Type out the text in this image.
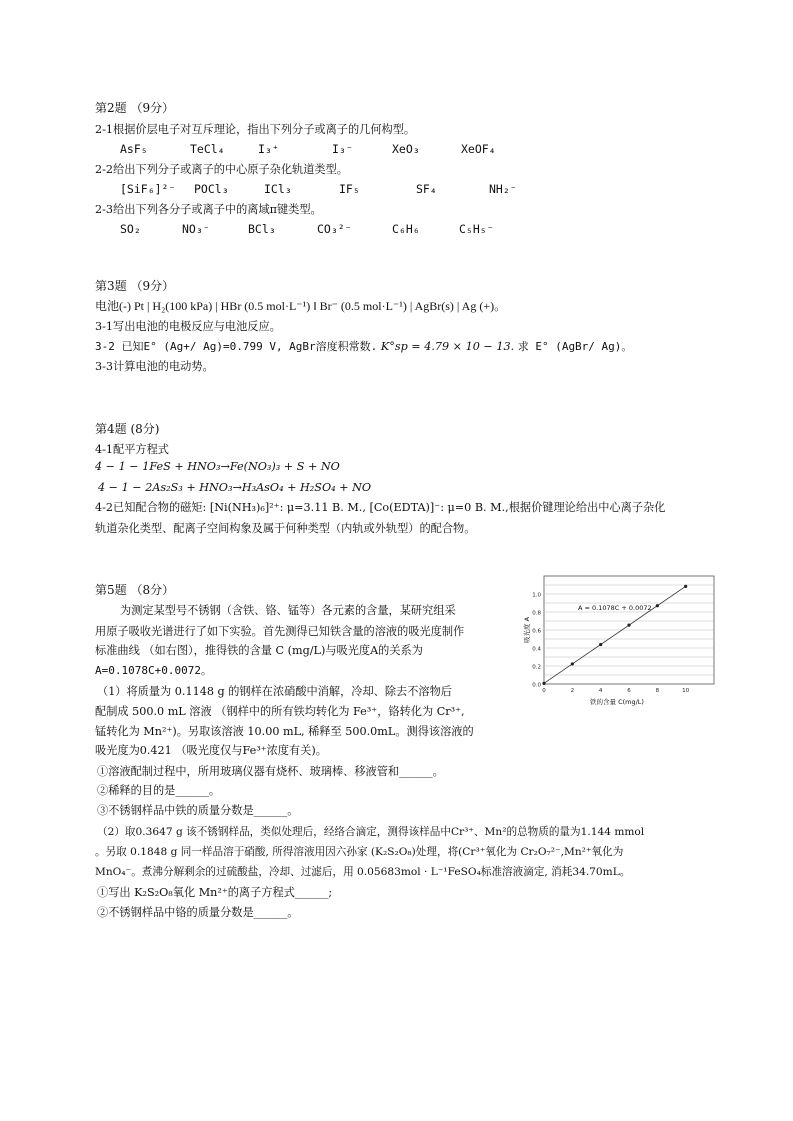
第2题 （9分）
2-1根据价层电子对互斥理论，指出下列分子或离子的几何构型。
AsF₅	TeCl₄	I₃⁺	I₃⁻	XeO₃	XeOF₄
2-2给出下列分子或离子的中心原子杂化轨道类型。
[SiF₆]²⁻ POCl₃	ICl₃	IF₅	SF₄	NH₂⁻
2-3给出下列各分子或离子中的离域π键类型。
SO₂	NO₃⁻	BCl₃	CO₃²⁻	C₆H₆	C₅H₅⁻
第3题 （9分）
电池(-) Pt | H₂(100 kPa) | HBr (0.5 mol·L⁻¹) ‖ Br⁻ (0.5 mol·L⁻¹) | AgBr(s) | Ag (+)。
3-1写出电池的电极反应与电池反应。
3-2 已知E° (Ag+/ Ag)=0.799 V, AgBr溶度积常数. K°sp = 4.79 × 10 − 13. 求 E° (AgBr/ Ag)。
3-3计算电池的电动势。
第4题 (8分)
4-1配平方程式
4 − 1 − 1FeS + HNO₃→Fe(NO₃)₃ + S + NO
4 − 1 − 2As₂S₃ + HNO₃→H₃AsO₄ + H₂SO₄ + NO
4-2已知配合物的磁矩: [Ni(NH₃)₆]²⁺: μ=3.11 B. M., [Co(EDTA)]⁻: μ=0 B. M.,根据价键理论给出中心离子杂化
轨道杂化类型、配离子空间构象及属于何种类型（内轨或外轨型）的配合物。
第5题 （8分）
为测定某型号不锈钢（含铁、铬、锰等）各元素的含量，某研究组采
用原子吸收光谱进行了如下实验。首先测得已知铁含量的溶液的吸光度制作
标准曲线 （如右图），推得铁的含量 C (mg/L)与吸光度A的关系为
A=0.1078C+0.0072。
（1）将质量为 0.1148 g 的钢样在浓硝酸中消解，冷却、除去不溶物后
配制成 500.0 mL 溶液 （钢样中的所有铁均转化为 Fe³⁺，铬转化为 Cr³⁺,
锰转化为 Mn²⁺)。另取该溶液 10.00 mL, 稀释至 500.0mL。测得该溶液的
吸光度为0.421 （吸光度仅与Fe³⁺浓度有关)。
①溶液配制过程中，所用玻璃仪器有烧杯、玻璃棒、移液管和______。
②稀释的目的是______。
③不锈钢样品中铁的质量分数是______。
（2）取0.3647 g 该不锈钢样品，类似处理后，经络合滴定，测得该样品中Cr³⁺、Mn²的总物质的量为1.144 mmol
。另取 0.1848 g 同一样品溶于硝酸, 所得溶液用因六孙家 (K₂S₂O₈)处理，将(Cr³⁺氧化为 Cr₂O₇²⁻,Mn²⁺氧化为
MnO₄⁻。煮沸分解剩余的过硫酸盐，冷却、过滤后，用 0.05683mol · L⁻¹FeSO₄标准溶液滴定, 消耗34.70mL。
①写出 K₂S₂O₈氧化 Mn²⁺的离子方程式______;
②不锈钢样品中铬的质量分数是______。
0.0
0.2
0.4
0.6
0.8
1.0
0	2	4	6	8	10
A = 0.1078C + 0.0072
铁的含量 C(mg/L)
吸光度 A
